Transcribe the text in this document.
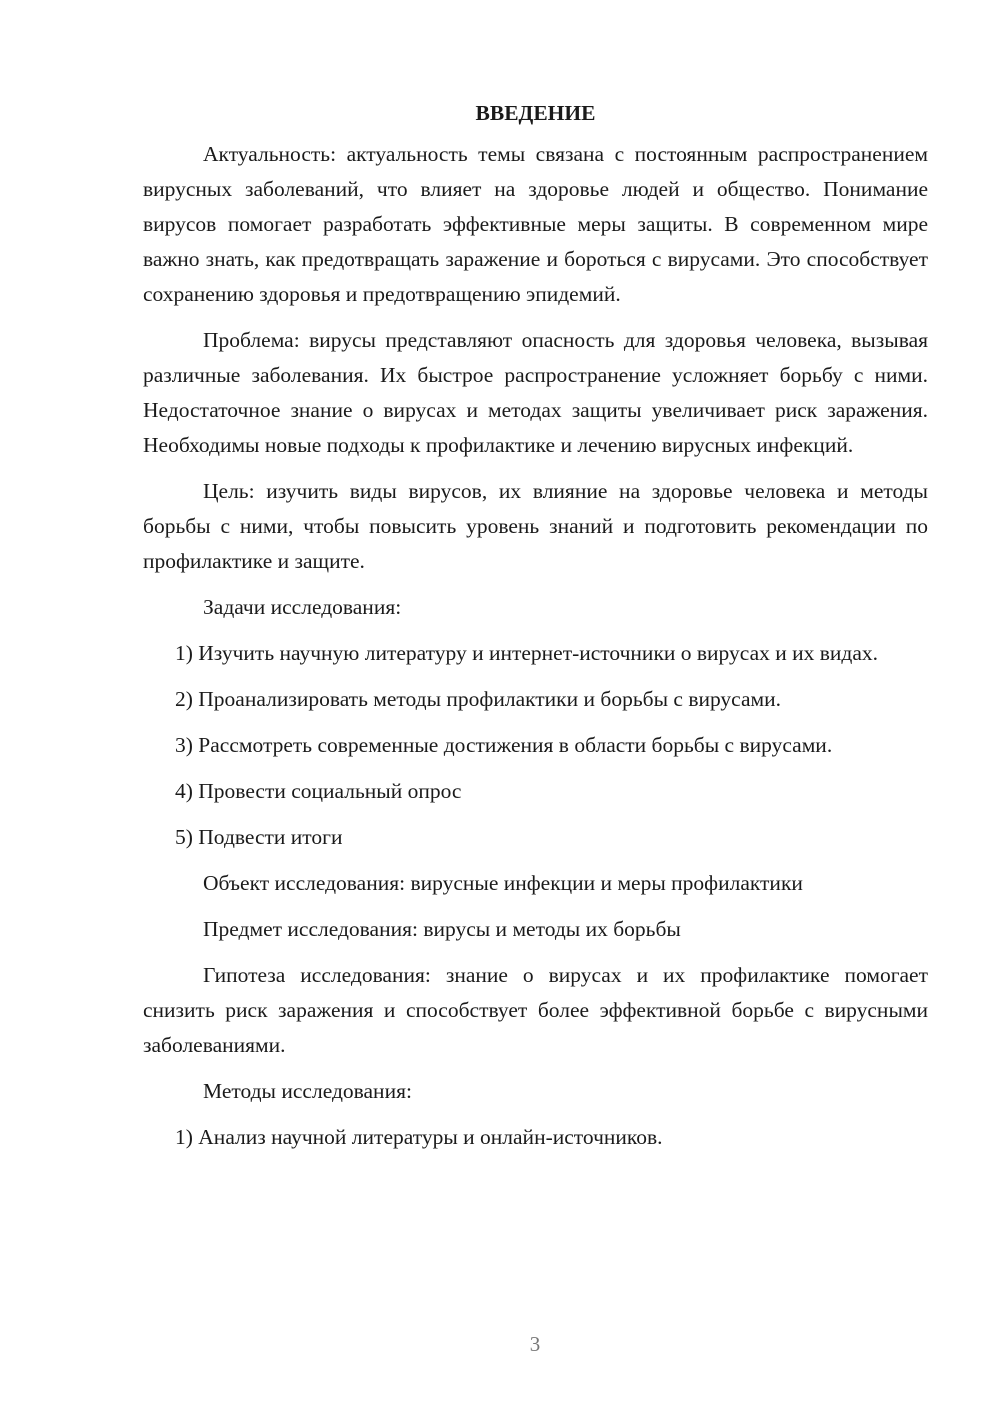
ВВЕДЕНИЕ

Актуальность: актуальность темы связана с постоянным распространением вирусных заболеваний, что влияет на здоровье людей и общество. Понимание вирусов помогает разработать эффективные меры защиты. В современном мире важно знать, как предотвращать заражение и бороться с вирусами. Это способствует сохранению здоровья и предотвращению эпидемий.

Проблема: вирусы представляют опасность для здоровья человека, вызывая различные заболевания. Их быстрое распространение усложняет борьбу с ними. Недостаточное знание о вирусах и методах защиты увеличивает риск заражения. Необходимы новые подходы к профилактике и лечению вирусных инфекций.

Цель: изучить виды вирусов, их влияние на здоровье человека и методы борьбы с ними, чтобы повысить уровень знаний и подготовить рекомендации по профилактике и защите.

Задачи исследования:

1) Изучить научную литературу и интернет-источники о вирусах и их видах.

2) Проанализировать методы профилактики и борьбы с вирусами.

3) Рассмотреть современные достижения в области борьбы с вирусами.

4) Провести социальный опрос

5) Подвести итоги

Объект исследования: вирусные инфекции и меры профилактики

Предмет исследования: вирусы и методы их борьбы

Гипотеза исследования: знание о вирусах и их профилактике помогает снизить риск заражения и способствует более эффективной борьбе с вирусными заболеваниями.

Методы исследования:

1) Анализ научной литературы и онлайн-источников.

3
